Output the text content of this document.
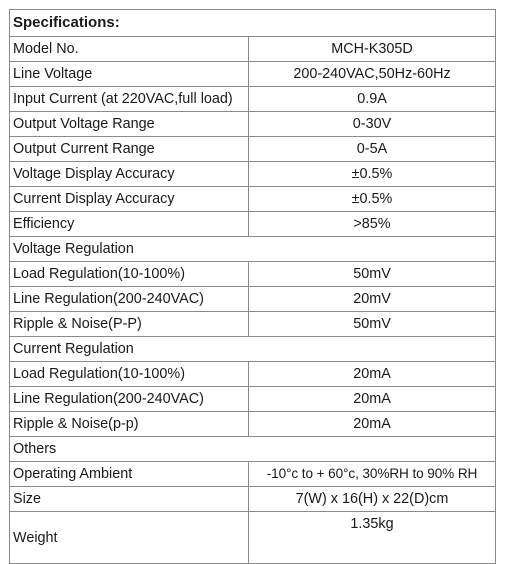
Specifications:	
Model No.	MCH-K305D
Line Voltage	200-240VAC,50Hz-60Hz
Input Current (at 220VAC,full load)	0.9A
Output Voltage Range	0-30V
Output Current Range	0-5A
Voltage Display Accuracy	±0.5%
Current Display Accuracy	±0.5%
Efficiency	>85%
Voltage Regulation	
Load Regulation(10-100%)	50mV
Line Regulation(200-240VAC)	20mV
Ripple & Noise(P-P)	50mV
Current Regulation	
Load Regulation(10-100%)	20mA
Line Regulation(200-240VAC)	20mA
Ripple & Noise(p-p)	20mA
Others	
Operating Ambient	-10°c to + 60°c, 30%RH to 90% RH
Size	7(W) x 16(H) x 22(D)cm
Weight	1.35kg
